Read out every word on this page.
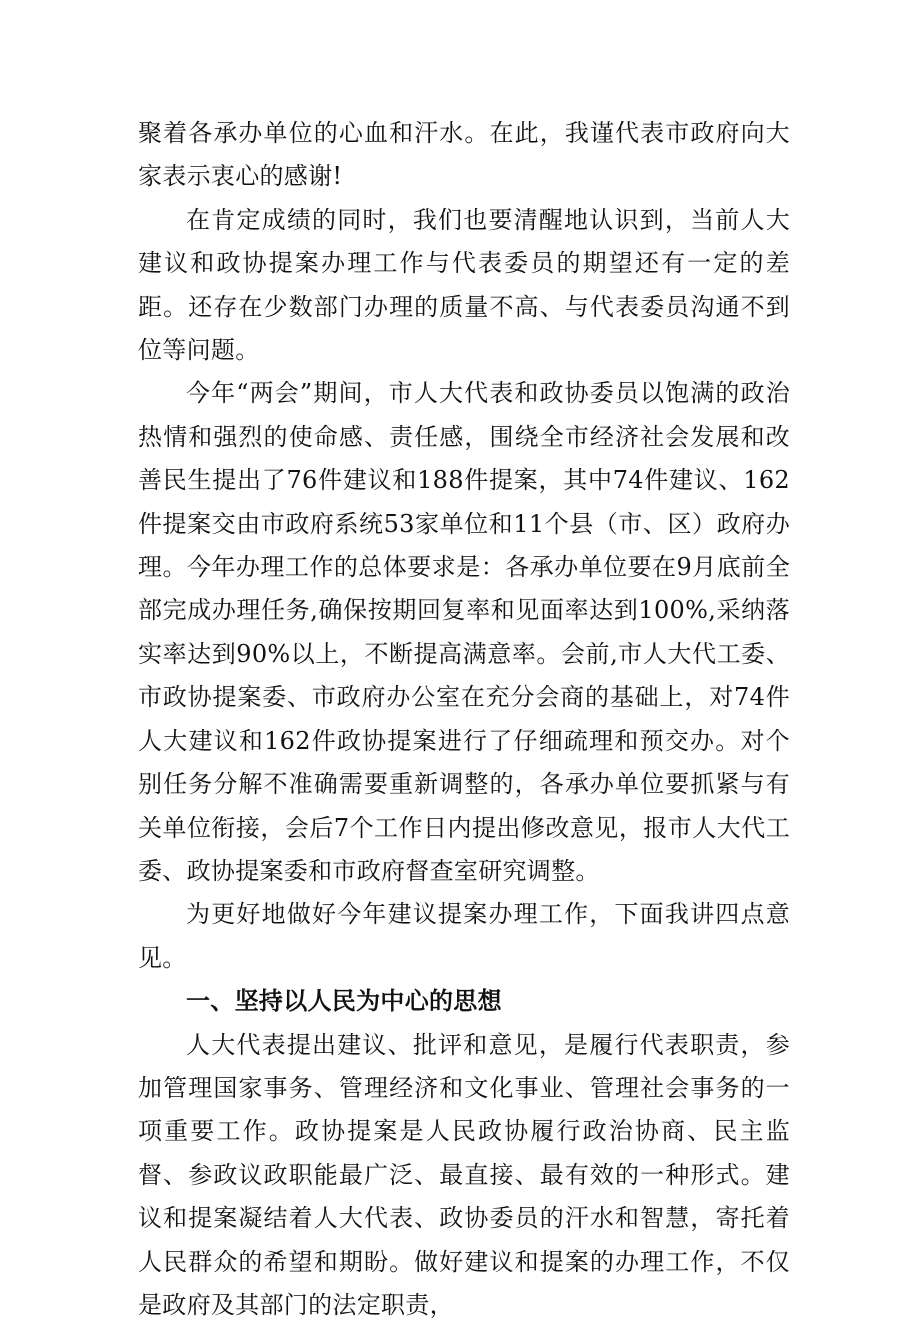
聚着各承办单位的心血和汗水。在此，我谨代表市政府向大家表示衷心的感谢!

在肯定成绩的同时，我们也要清醒地认识到，当前人大建议和政协提案办理工作与代表委员的期望还有一定的差距。还存在少数部门办理的质量不高、与代表委员沟通不到位等问题。

今年“两会”期间，市人大代表和政协委员以饱满的政治热情和强烈的使命感、责任感，围绕全市经济社会发展和改善民生提出了76件建议和188件提案，其中74件建议、162件提案交由市政府系统53家单位和11个县（市、区）政府办理。今年办理工作的总体要求是：各承办单位要在9月底前全部完成办理任务,确保按期回复率和见面率达到100%,采纳落实率达到90%以上，不断提高满意率。会前,市人大代工委、市政协提案委、市政府办公室在充分会商的基础上，对74件人大建议和162件政协提案进行了仔细疏理和预交办。对个别任务分解不准确需要重新调整的，各承办单位要抓紧与有关单位衔接，会后7个工作日内提出修改意见，报市人大代工委、政协提案委和市政府督查室研究调整。

为更好地做好今年建议提案办理工作，下面我讲四点意见。

一、坚持以人民为中心的思想

人大代表提出建议、批评和意见，是履行代表职责，参加管理国家事务、管理经济和文化事业、管理社会事务的一项重要工作。政协提案是人民政协履行政治协商、民主监督、参政议政职能最广泛、最直接、最有效的一种形式。建议和提案凝结着人大代表、政协委员的汗水和智慧，寄托着人民群众的希望和期盼。做好建议和提案的办理工作，不仅是政府及其部门的法定职责，
